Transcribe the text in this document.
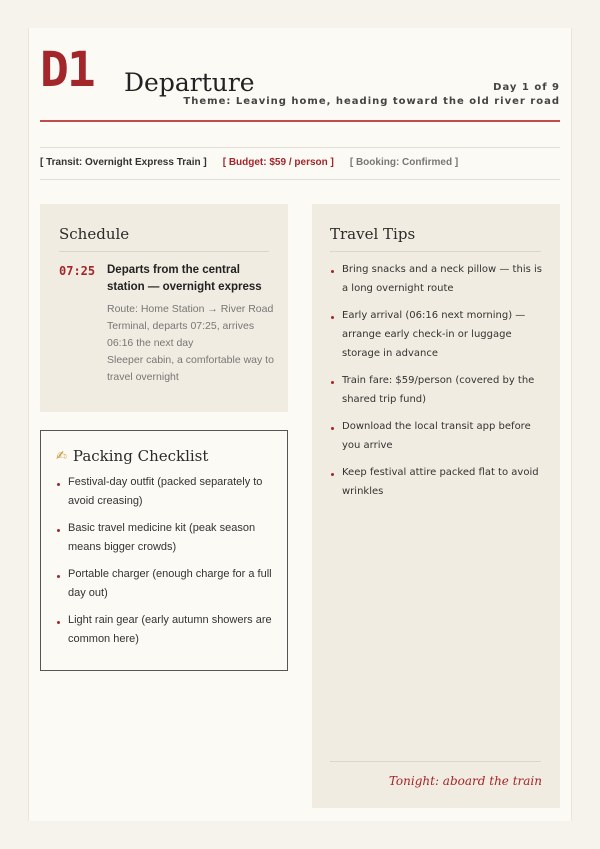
D1 Departure	Day 1 of 9
Theme: Leaving home, heading toward the old river road
[ Transit: Overnight Express Train ] [ Budget: $59 / person ] [ Booking: Confirmed ]
Schedule
07:25 Departs from the central station — overnight express
Route: Home Station → River Road Terminal, departs 07:25, arrives 06:16 the next day
Sleeper cabin, a comfortable way to travel overnight
✍ Packing Checklist
Festival-day outfit (packed separately to avoid creasing)
Basic travel medicine kit (peak season means bigger crowds)
Portable charger (enough charge for a full day out)
Light rain gear (early autumn showers are common here)
Travel Tips
Bring snacks and a neck pillow — this is a long overnight route
Early arrival (06:16 next morning) — arrange early check-in or luggage storage in advance
Train fare: $59/person (covered by the shared trip fund)
Download the local transit app before you arrive
Keep festival attire packed flat to avoid wrinkles
Tonight: aboard the train
